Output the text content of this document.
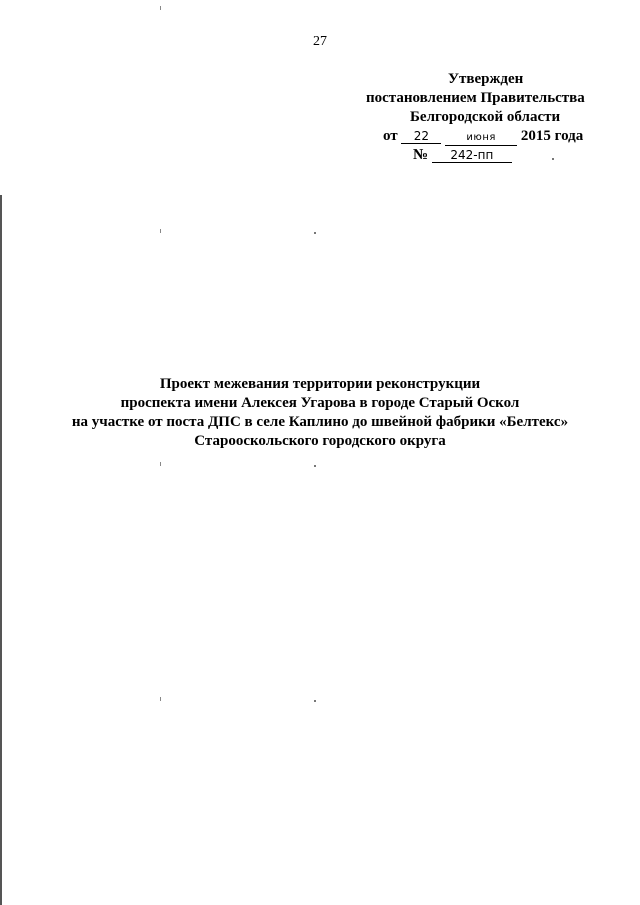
27
Утвержден
постановлением Правительства
Белгородской области
от 22	июня 2015 года
№ 242-пп
Проект межевания территории реконструкции
проспекта имени Алексея Угарова в городе Старый Оскол
на участке от поста ДПС в селе Каплино до швейной фабрики «Белтекс»
Старооскольского городского округа
